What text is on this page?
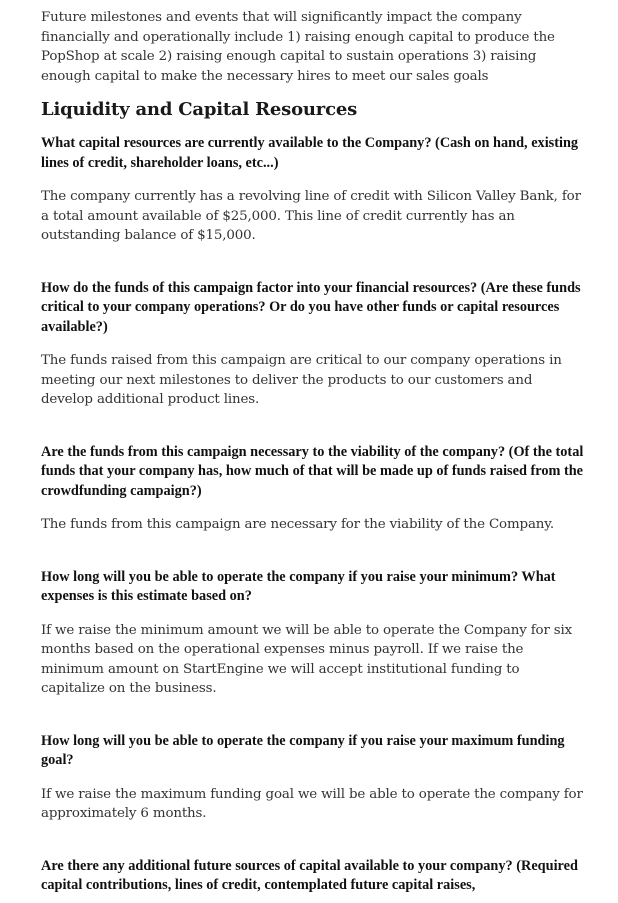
Future milestones and events that will significantly impact the company financially and operationally include 1) raising enough capital to produce the PopShop at scale 2) raising enough capital to sustain operations 3) raising enough capital to make the necessary hires to meet our sales goals

Liquidity and Capital Resources

What capital resources are currently available to the Company? (Cash on hand, existing lines of credit, shareholder loans, etc...)

The company currently has a revolving line of credit with Silicon Valley Bank, for a total amount available of $25,000. This line of credit currently has an outstanding balance of $15,000.

How do the funds of this campaign factor into your financial resources? (Are these funds critical to your company operations? Or do you have other funds or capital resources available?)

The funds raised from this campaign are critical to our company operations in meeting our next milestones to deliver the products to our customers and develop additional product lines.

Are the funds from this campaign necessary to the viability of the company? (Of the total funds that your company has, how much of that will be made up of funds raised from the crowdfunding campaign?)

The funds from this campaign are necessary for the viability of the Company.

How long will you be able to operate the company if you raise your minimum? What expenses is this estimate based on?

If we raise the minimum amount we will be able to operate the Company for six months based on the operational expenses minus payroll. If we raise the minimum amount on StartEngine we will accept institutional funding to capitalize on the business.

How long will you be able to operate the company if you raise your maximum funding goal?

If we raise the maximum funding goal we will be able to operate the company for approximately 6 months.

Are there any additional future sources of capital available to your company? (Required capital contributions, lines of credit, contemplated future capital raises,
